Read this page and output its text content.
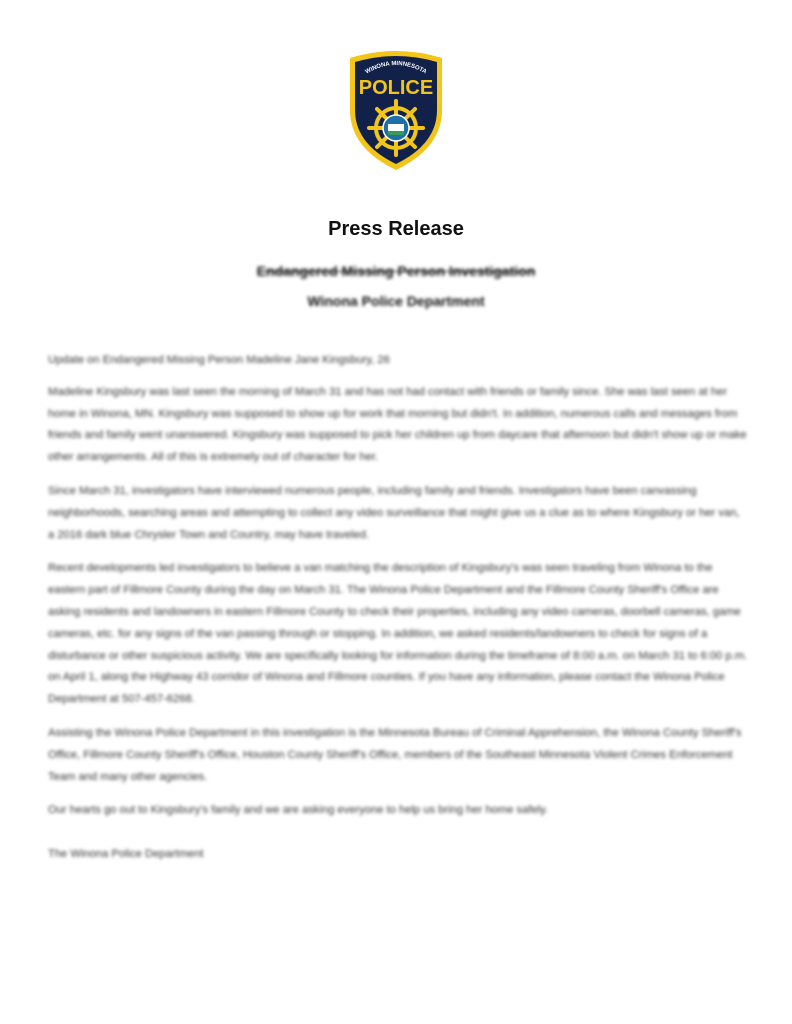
WINONA MINNESOTA
POLICE
Press Release
Endangered Missing Person Investigation
Winona Police Department

Update on Endangered Missing Person Madeline Jane Kingsbury, 26

Madeline Kingsbury was last seen the morning of March 31 and has not had contact with friends or family since. She was last seen at her home in Winona, MN. Kingsbury was supposed to show up for work that morning but didn't. In addition, numerous calls and messages from friends and family went unanswered. Kingsbury was supposed to pick her children up from daycare that afternoon but didn't show up or make other arrangements. All of this is extremely out of character for her.

Since March 31, investigators have interviewed numerous people, including family and friends. Investigators have been canvassing neighborhoods, searching areas and attempting to collect any video surveillance that might give us a clue as to where Kingsbury or her van, a 2016 dark blue Chrysler Town and Country, may have traveled.

Recent developments led investigators to believe a van matching the description of Kingsbury's was seen traveling from Winona to the eastern part of Fillmore County during the day on March 31. The Winona Police Department and the Fillmore County Sheriff's Office are asking residents and landowners in eastern Fillmore County to check their properties, including any video cameras, doorbell cameras, game cameras, etc. for any signs of the van passing through or stopping. In addition, we asked residents/landowners to check for signs of a disturbance or other suspicious activity. We are specifically looking for information during the timeframe of 8:00 a.m. on March 31 to 6:00 p.m. on April 1, along the Highway 43 corridor of Winona and Fillmore counties. If you have any information, please contact the Winona Police Department at 507-457-6268.

Assisting the Winona Police Department in this investigation is the Minnesota Bureau of Criminal Apprehension, the Winona County Sheriff's Office, Fillmore County Sheriff's Office, Houston County Sheriff's Office, members of the Southeast Minnesota Violent Crimes Enforcement Team and many other agencies.

Our hearts go out to Kingsbury's family and we are asking everyone to help us bring her home safely.

The Winona Police Department
